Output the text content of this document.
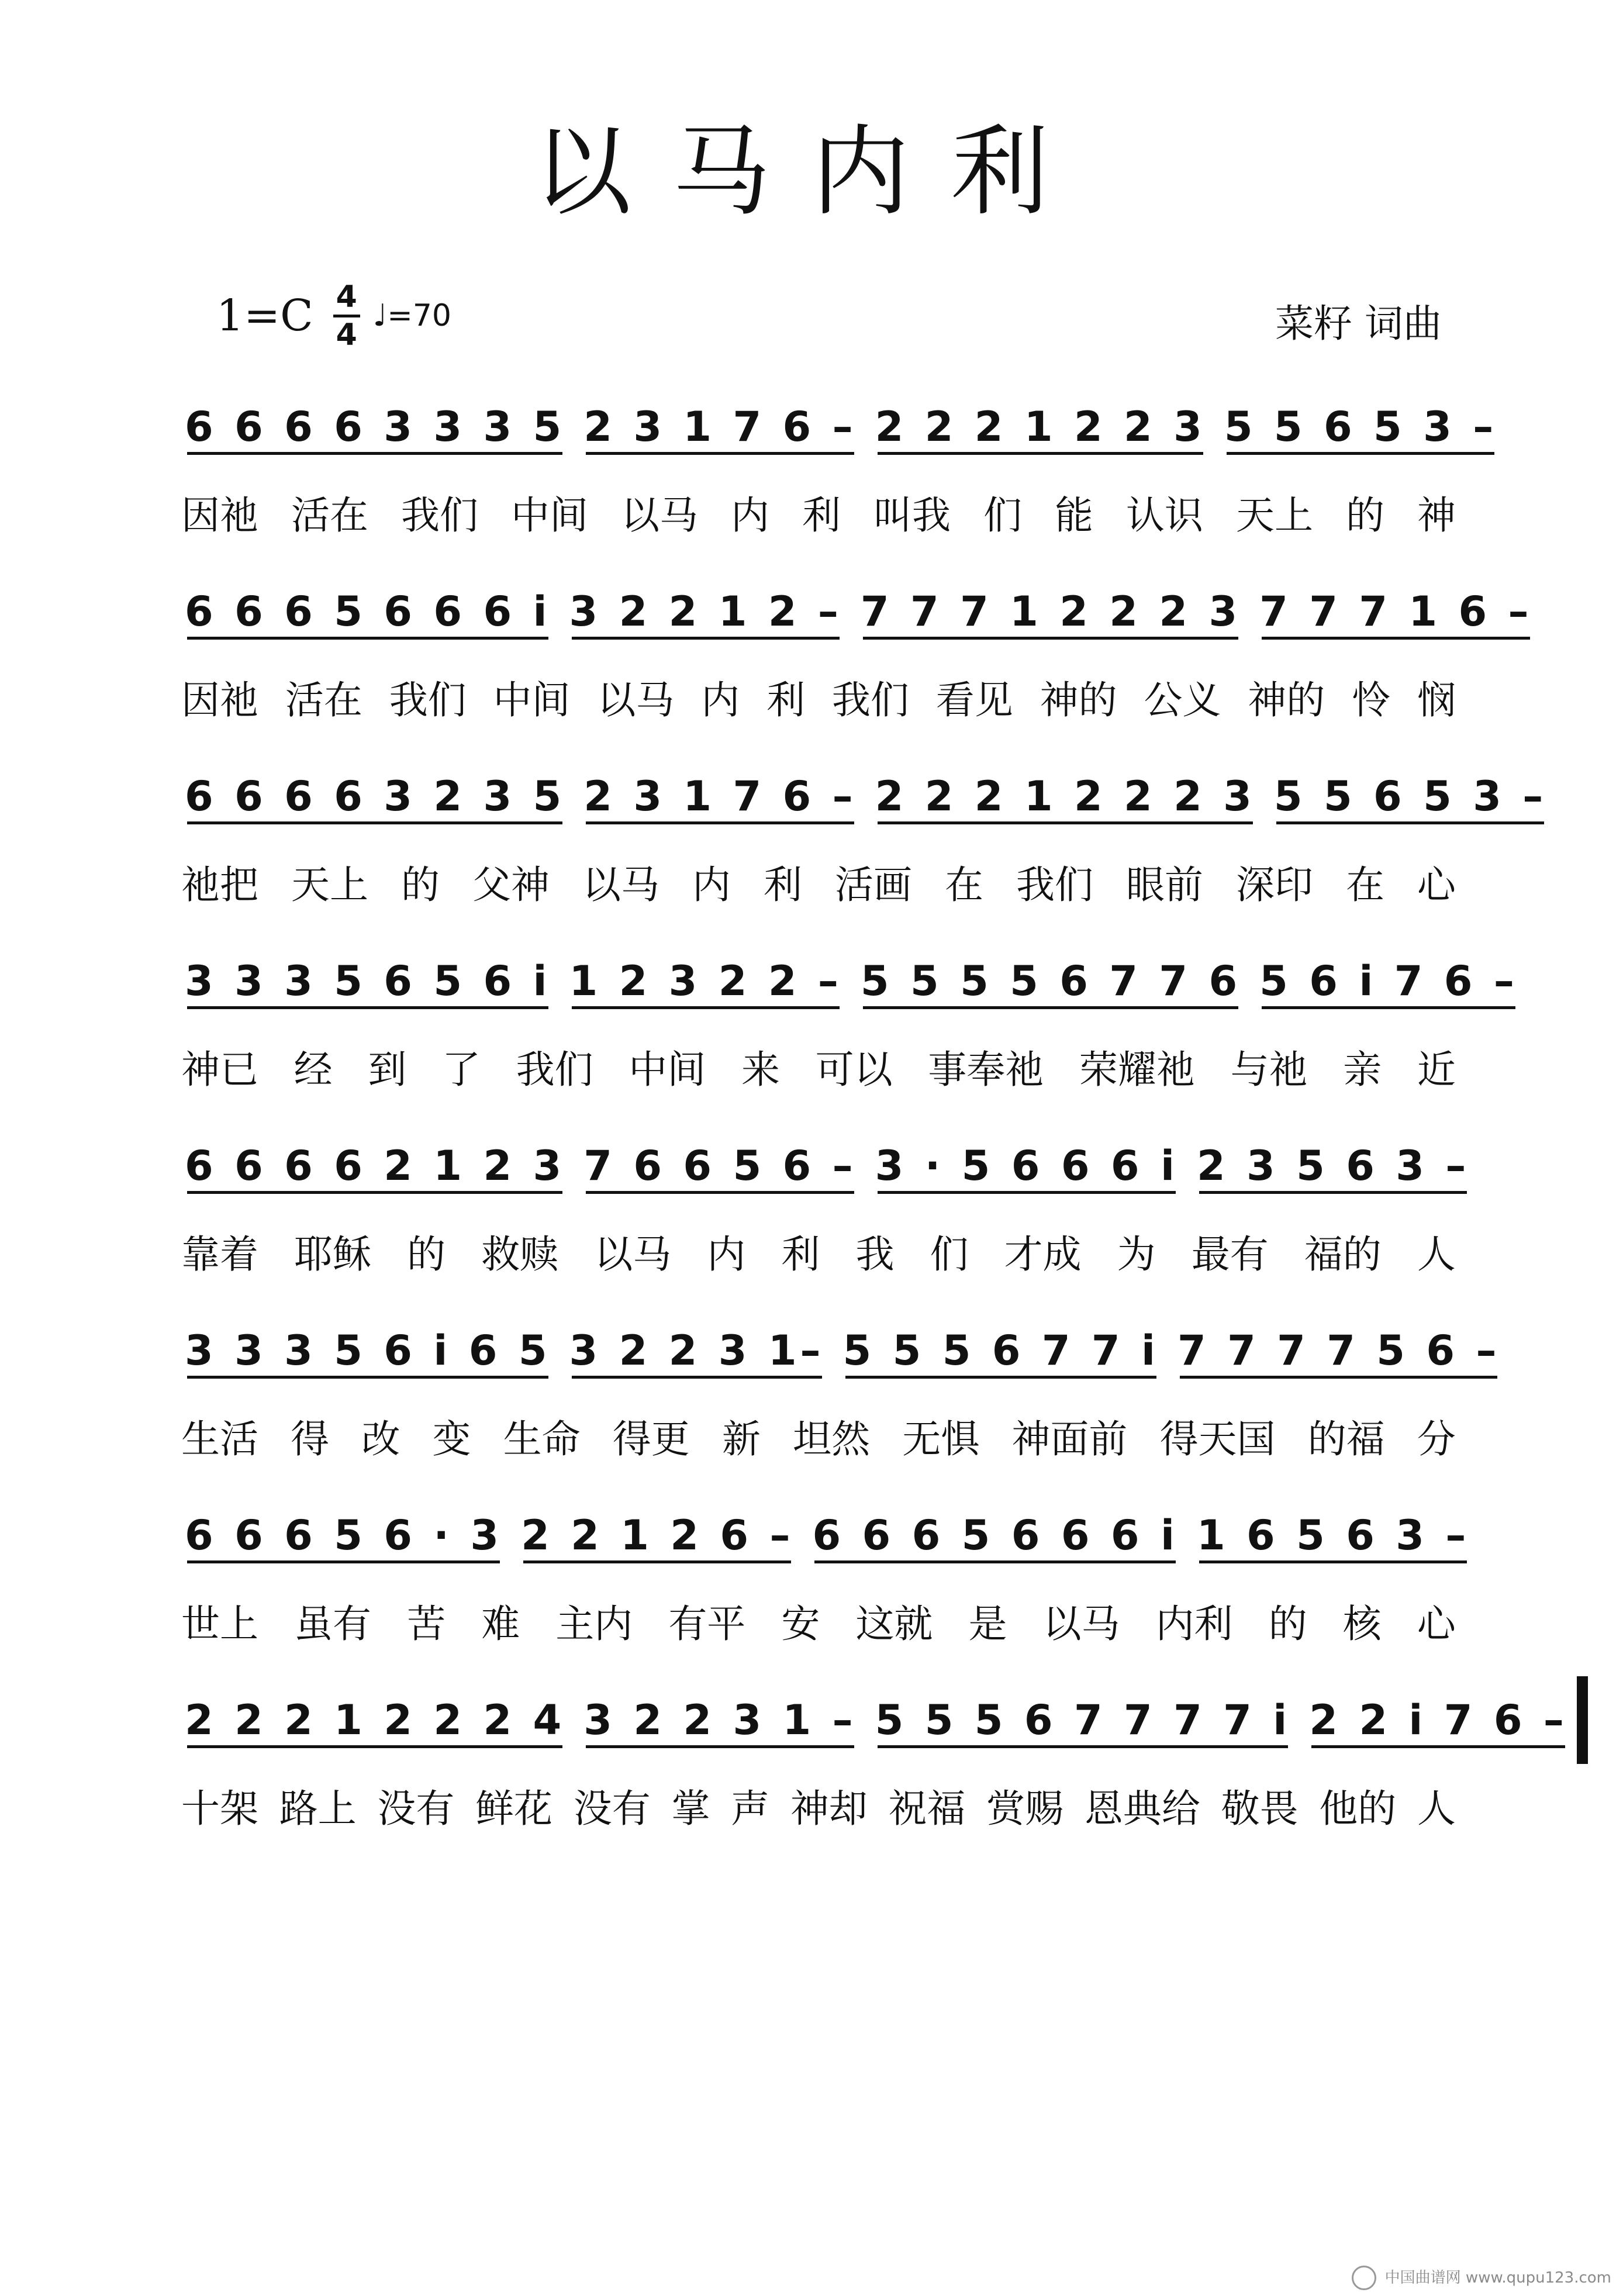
以马内利
1=C 4
4
♩=70	菜籽 词曲
6 6 6 6 3 3 3 5 2 3 1 7 6 – 2 2 2 1 2 2 3 5 5 6 5 3 –
因祂 活在 我们 中间 以马 内 利 叫我 们 能 认识 天上 的 神
6 6 6 5 6 6 6 i 3 2 2 1 2 – 7 7 7 1 2 2 2 3 7 7 7 1 6 –
因祂 活在 我们 中间 以马 内 利 我们 看见 神的 公义 神的 怜 悯
6 6 6 6 3 2 3 5 2 3 1 7 6 – 2 2 2 1 2 2 2 3 5 5 6 5 3 –
祂把 天上 的 父神 以马 内 利 活画 在 我们 眼前 深印 在 心
3 3 3 5 6 5 6 i 1 2 3 2 2 – 5 5 5 5 6 7 7 6 5 6 i 7 6 –
神已 经 到 了 我们 中间 来 可以 事奉祂 荣耀祂 与祂 亲 近
6 6 6 6 2 1 2 3 7 6 6 5 6 – 3 · 5 6 6 6 i 2 3 5 6 3 –
靠着 耶稣 的 救赎 以马 内 利 我 们 才成 为 最有 福的 人
3 3 3 5 6 i 6 5 3 2 2 3 1– 5 5 5 6 7 7 i 7 7 7 7 5 6 –
生活 得 改 变 生命 得更 新 坦然 无惧 神面前 得天国 的福 分
6 6 6 5 6 · 3 2 2 1 2 6 – 6 6 6 5 6 6 6 i 1 6 5 6 3 –
世上 虽有 苦 难 主内 有平 安 这就 是 以马 内利 的 核 心
2 2 2 1 2 2 2 4 3 2 2 3 1 – 5 5 5 6 7 7 7 7 i 2 2 i 7 6 –
十架 路上 没有 鲜花 没有 掌 声 神却 祝福 赏赐 恩典给 敬畏 他的 人
中国曲谱网 www.qupu123.com
